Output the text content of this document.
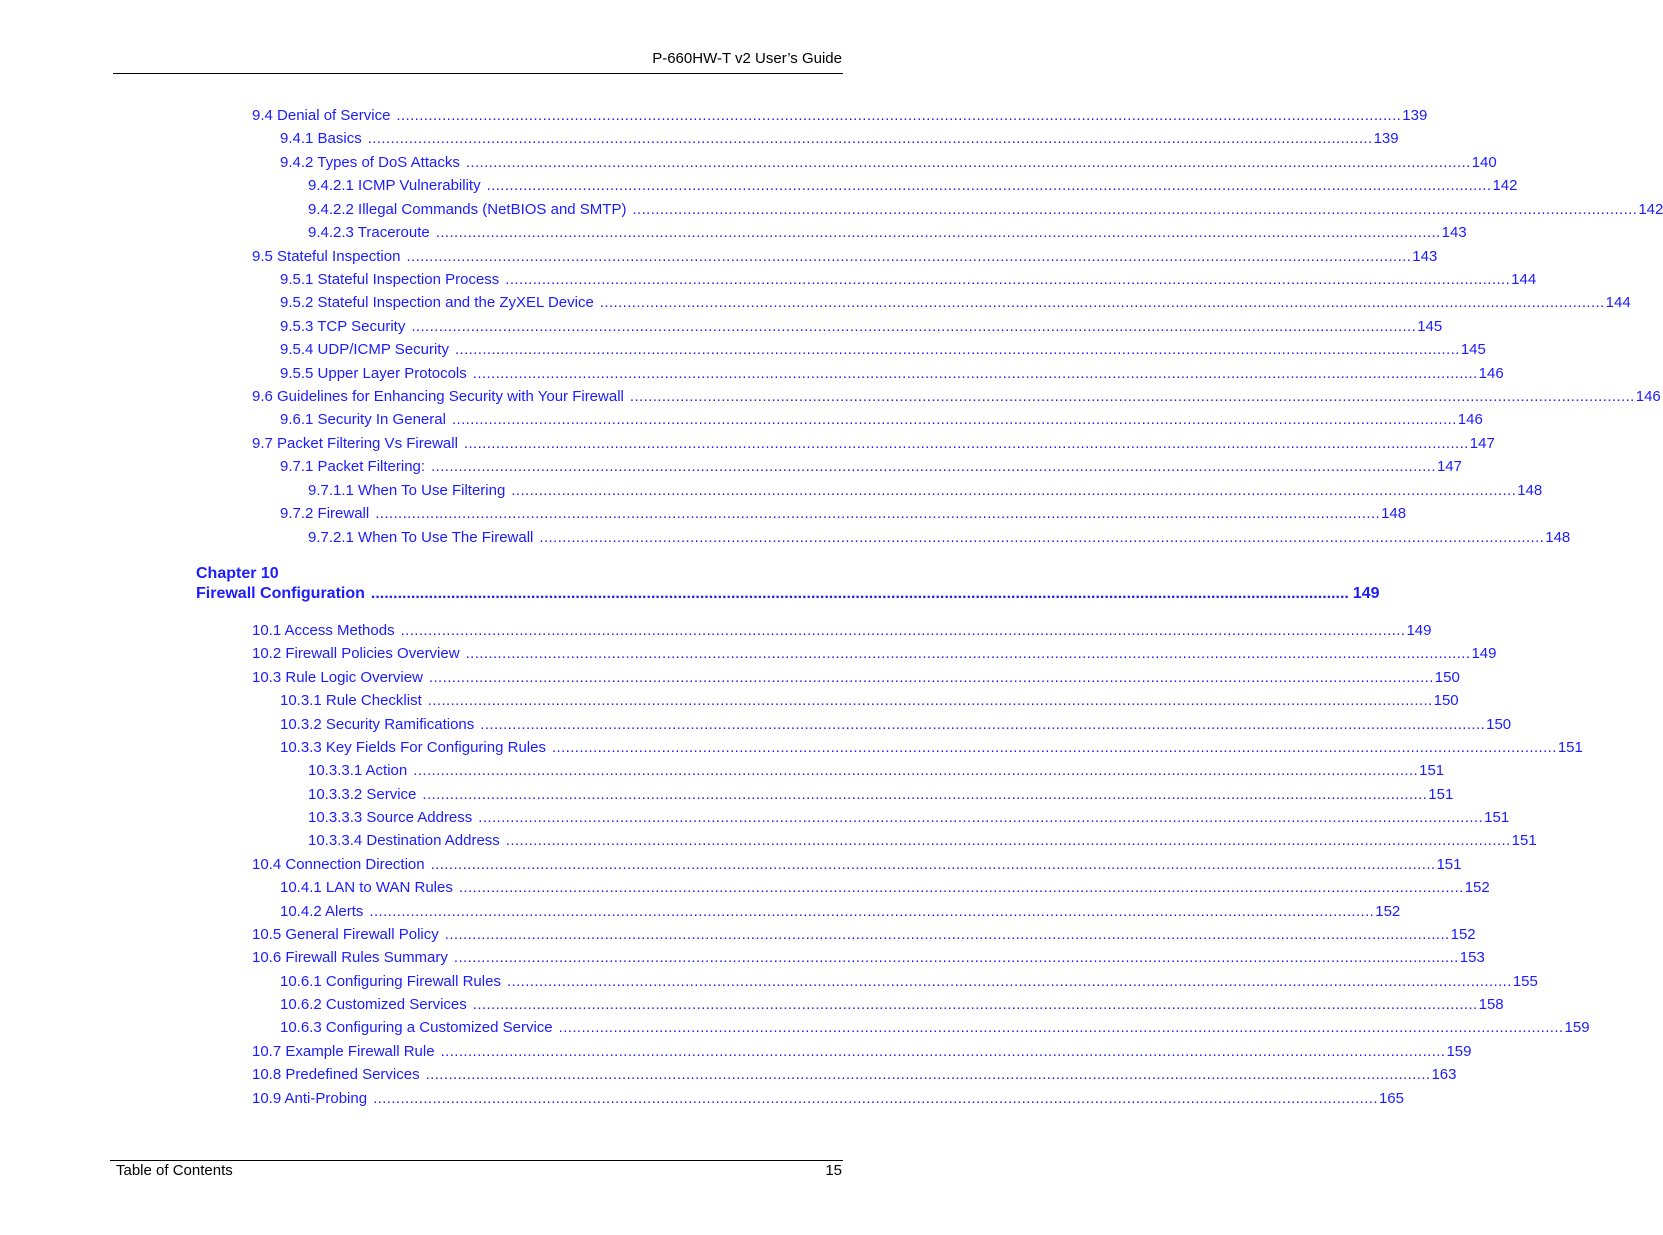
P-660HW-T v2 User’s Guide
9.4 Denial of Service ............................................................................................................................................................................................................................ 139
9.4.1 Basics ............................................................................................................................................................................................................................ 139
9.4.2 Types of DoS Attacks ............................................................................................................................................................................................................................ 140
9.4.2.1 ICMP Vulnerability ............................................................................................................................................................................................................................ 142
9.4.2.2 Illegal Commands (NetBIOS and SMTP) ............................................................................................................................................................................................................................ 142
9.4.2.3 Traceroute ............................................................................................................................................................................................................................ 143
9.5 Stateful Inspection ............................................................................................................................................................................................................................ 143
9.5.1 Stateful Inspection Process ............................................................................................................................................................................................................................ 144
9.5.2 Stateful Inspection and the ZyXEL Device ............................................................................................................................................................................................................................ 144
9.5.3 TCP Security ............................................................................................................................................................................................................................ 145
9.5.4 UDP/ICMP Security ............................................................................................................................................................................................................................ 145
9.5.5 Upper Layer Protocols ............................................................................................................................................................................................................................ 146
9.6 Guidelines for Enhancing Security with Your Firewall ............................................................................................................................................................................................................................ 146
9.6.1 Security In General ............................................................................................................................................................................................................................ 146
9.7 Packet Filtering Vs Firewall ............................................................................................................................................................................................................................ 147
9.7.1 Packet Filtering: ............................................................................................................................................................................................................................ 147
9.7.1.1 When To Use Filtering ............................................................................................................................................................................................................................ 148
9.7.2 Firewall ............................................................................................................................................................................................................................ 148
9.7.2.1 When To Use The Firewall ............................................................................................................................................................................................................................ 148
Chapter 10
Firewall Configuration ............................................................................................................................................................................................................................ 149
10.1 Access Methods ............................................................................................................................................................................................................................ 149
10.2 Firewall Policies Overview ............................................................................................................................................................................................................................ 149
10.3 Rule Logic Overview ............................................................................................................................................................................................................................ 150
10.3.1 Rule Checklist ............................................................................................................................................................................................................................ 150
10.3.2 Security Ramifications ............................................................................................................................................................................................................................ 150
10.3.3 Key Fields For Configuring Rules ............................................................................................................................................................................................................................ 151
10.3.3.1 Action ............................................................................................................................................................................................................................ 151
10.3.3.2 Service ............................................................................................................................................................................................................................ 151
10.3.3.3 Source Address ............................................................................................................................................................................................................................ 151
10.3.3.4 Destination Address ............................................................................................................................................................................................................................ 151
10.4 Connection Direction ............................................................................................................................................................................................................................ 151
10.4.1 LAN to WAN Rules ............................................................................................................................................................................................................................ 152
10.4.2 Alerts ............................................................................................................................................................................................................................ 152
10.5 General Firewall Policy ............................................................................................................................................................................................................................ 152
10.6 Firewall Rules Summary ............................................................................................................................................................................................................................ 153
10.6.1 Configuring Firewall Rules ............................................................................................................................................................................................................................ 155
10.6.2 Customized Services ............................................................................................................................................................................................................................ 158
10.6.3 Configuring a Customized Service ............................................................................................................................................................................................................................ 159
10.7 Example Firewall Rule ............................................................................................................................................................................................................................ 159
10.8 Predefined Services ............................................................................................................................................................................................................................ 163
10.9 Anti-Probing ............................................................................................................................................................................................................................ 165
Table of Contents	15
